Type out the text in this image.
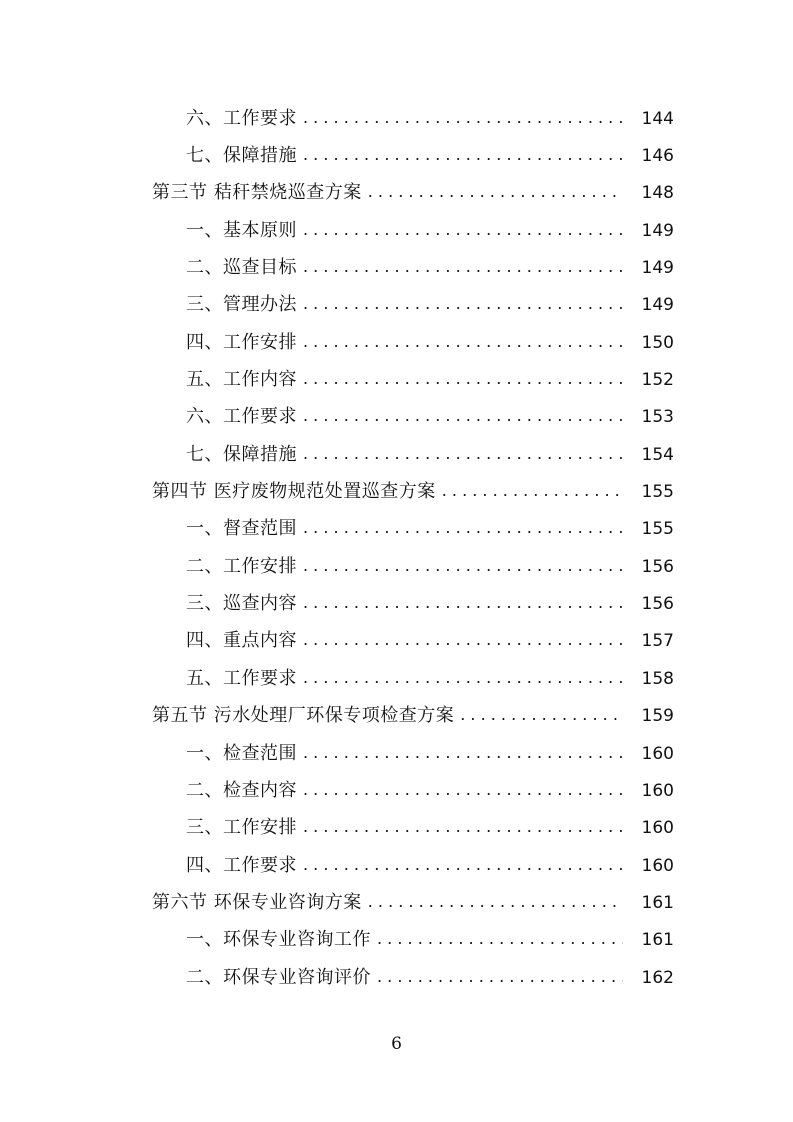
六、工作要求 . . .	144
七、保障措施 . . .	146
第三节 秸秆禁烧巡查方案 . . .	148
一、基本原则 . . .	149
二、巡查目标 . . .	149
三、管理办法 . . .	149
四、工作安排 . . .	150
五、工作内容 . . .	152
六、工作要求 . . .	153
七、保障措施 . . .	154
第四节 医疗废物规范处置巡查方案 . . .	155
一、督查范围 . . .	155
二、工作安排 . . .	156
三、巡查内容 . . .	156
四、重点内容 . . .	157
五、工作要求 . . .	158
第五节 污水处理厂环保专项检查方案 . . .	159
一、检查范围 . . .	160
二、检查内容 . . .	160
三、工作安排 . . .	160
四、工作要求 . . .	160
第六节 环保专业咨询方案 . . .	161
一、环保专业咨询工作 . . .	161
二、环保专业咨询评价 . . .	162
6
